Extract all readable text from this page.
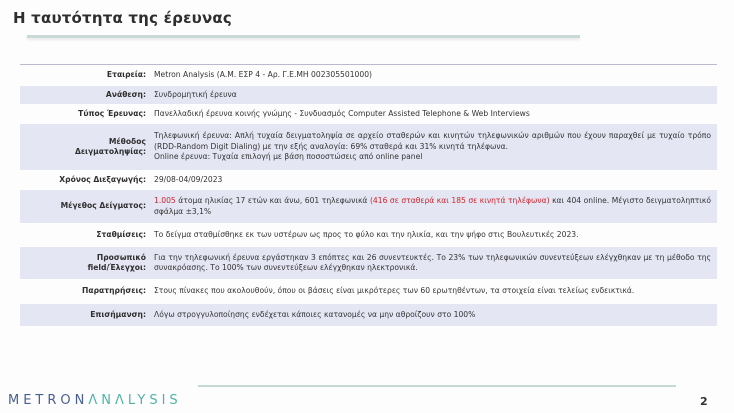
Η ταυτότητα της έρευνας
Εταιρεία:	Metron Analysis (Α.Μ. ΕΣΡ 4 - Αρ. Γ.Ε.ΜΗ 002305501000)
Ανάθεση:	Συνδρομητική έρευνα
Τύπος Έρευνας:	Πανελλαδική έρευνα κοινής γνώμης - Συνδυασμός Computer Assisted Telephone & Web Interviews
Μέθοδος
Δειγματοληψίας:
Τηλεφωνική έρευνα: Απλή τυχαία δειγματοληψία σε αρχείο σταθερών και κινητών τηλεφωνικών αριθμών που έχουν παραχθεί με τυχαίο τρόπο (RDD-Random Digit Dialing) με την εξής αναλογία: 69% σταθερά και 31% κινητά τηλέφωνα.
Online έρευνα: Τυχαία επιλογή με βάση ποσοστώσεις από online panel
Χρόνος Διεξαγωγής:	29/08-04/09/2023
Μέγεθος Δείγματος:
1.005 άτομα ηλικίας 17 ετών και άνω, 601 τηλεφωνικά (416 σε σταθερά και 185 σε κινητά τηλέφωνα) και 404 online. Μέγιστο δειγματοληπτικό σφάλμα ±3,1%
Σταθμίσεις:	Το δείγμα σταθμίσθηκε εκ των υστέρων ως προς το φύλο και την ηλικία, και την ψήφο στις Βουλευτικές 2023.
Προσωπικό
field/Έλεγχοι:
Για την τηλεφωνική έρευνα εργάστηκαν 3 επόπτες και 26 συνεντευκτές. Το 23% των τηλεφωνικών συνεντεύξεων ελέγχθηκαν με τη μέθοδο της συνακρόασης. Το 100% των συνεντεύξεων ελέγχθηκαν ηλεκτρονικά.
Παρατηρήσεις:	Στους πίνακες που ακολουθούν, όπου οι βάσεις είναι μικρότερες των 60 ερωτηθέντων, τα στοιχεία είναι τελείως ενδεικτικά.
Επισήμανση:	Λόγω στρογγυλοποίησης ενδέχεται κάποιες κατανομές να μην αθροίζουν στο 100%
METRONΛNΛLYSIS	2
